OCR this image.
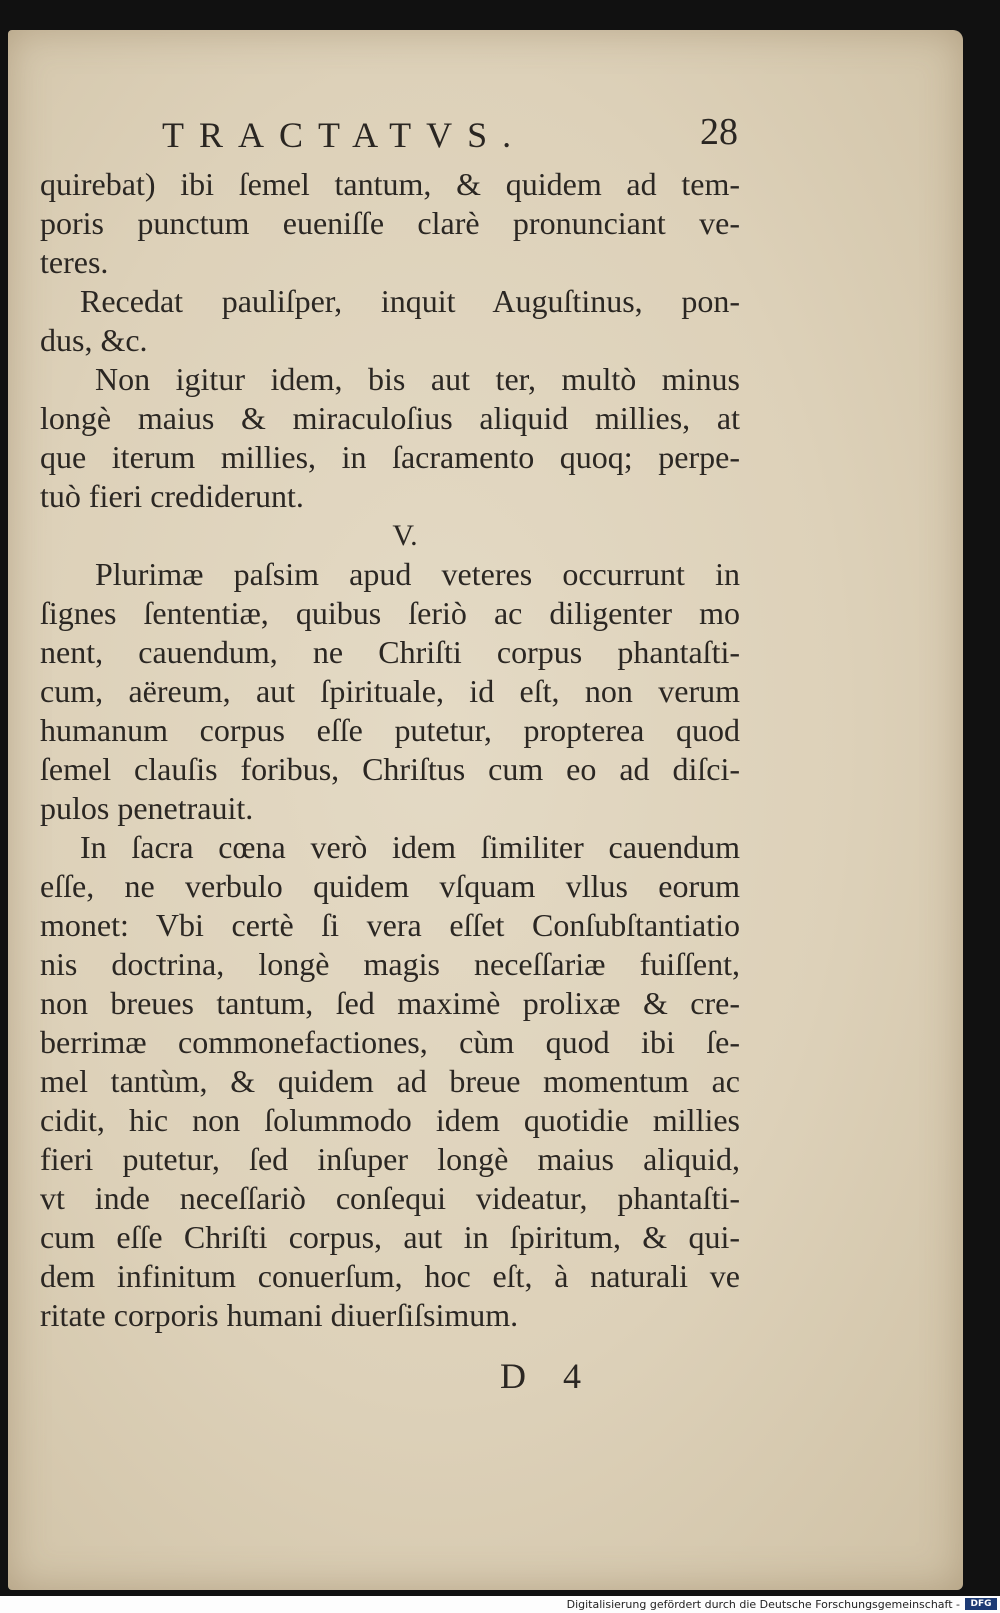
TRACTATVS.	28
quirebat) ibi ſemel tantum, & quidem ad tem-
poris punctum eueniſſe clarè pronunciant ve-
teres.
Recedat pauliſper, inquit Auguſtinus, pon-
dus, &c.
Non igitur idem, bis aut ter, multò minus
longè maius & miraculoſius aliquid millies, at
que iterum millies, in ſacramento quoq; perpe-
tuò fieri crediderunt.
V.
Plurimæ paſsim apud veteres occurrunt in
ſignes ſententiæ, quibus ſeriò ac diligenter mo
nent, cauendum, ne Chriſti corpus phantaſti-
cum, aëreum, aut ſpirituale, id eſt, non verum
humanum corpus eſſe putetur, propterea quod
ſemel clauſis foribus, Chriſtus cum eo ad diſci-
pulos penetrauit.
In ſacra cœna verò idem ſimiliter cauendum
eſſe, ne verbulo quidem vſquam vllus eorum
monet: Vbi certè ſi vera eſſet Conſubſtantiatio
nis doctrina, longè magis neceſſariæ fuiſſent,
non breues tantum, ſed maximè prolixæ & cre-
berrimæ commonefactiones, cùm quod ibi ſe-
mel tantùm, & quidem ad breue momentum ac
cidit, hic non ſolummodo idem quotidie millies
fieri putetur, ſed inſuper longè maius aliquid,
vt inde neceſſariò conſequi videatur, phantaſti-
cum eſſe Chriſti corpus, aut in ſpiritum, & qui-
dem infinitum conuerſum, hoc eſt, à naturali ve
ritate corporis humani diuerſiſsimum.
D 4
Digitalisierung gefördert durch die Deutsche Forschungsgemeinschaft -	DFG
